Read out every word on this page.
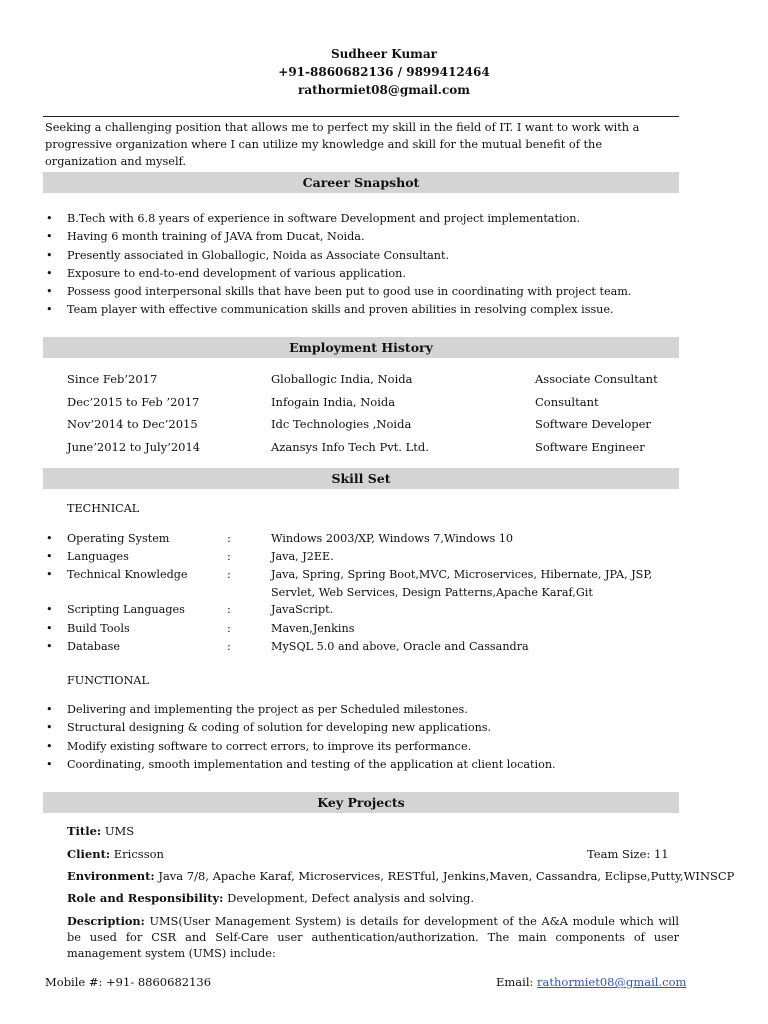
Sudheer Kumar
+91-8860682136 / 9899412464
rathormiet08@gmail.com
Seeking a challenging position that allows me to perfect my skill in the field of IT. I want to work with a progressive organization where I can utilize my knowledge and skill for the mutual benefit of the organization and myself.
Career Snapshot
• B.Tech with 6.8 years of experience in software Development and project implementation.
• Having 6 month training of JAVA from Ducat, Noida.
• Presently associated in Globallogic, Noida as Associate Consultant.
• Exposure to end-to-end development of various application.
• Possess good interpersonal skills that have been put to good use in coordinating with project team.
• Team player with effective communication skills and proven abilities in resolving complex issue.
Employment History
Since Feb’2017	Globallogic India, Noida	Associate Consultant
Dec’2015 to Feb ’2017	Infogain India, Noida	Consultant
Nov’2014 to Dec’2015	Idc Technologies ,Noida	Software Developer
June’2012 to July’2014	Azansys Info Tech Pvt. Ltd.	Software Engineer
Skill Set
TECHNICAL
• Operating System	:	Windows 2003/XP, Windows 7,Windows 10
• Languages	:	Java, J2EE.
• Technical Knowledge	:	Java, Spring, Spring Boot,MVC, Microservices, Hibernate, JPA, JSP, Servlet, Web Services, Design Patterns,Apache Karaf,Git
• Scripting Languages	:	JavaScript.
• Build Tools	:	Maven,Jenkins
• Database	:	MySQL 5.0 and above, Oracle and Cassandra
FUNCTIONAL
• Delivering and implementing the project as per Scheduled milestones.
• Structural designing & coding of solution for developing new applications.
• Modify existing software to correct errors, to improve its performance.
• Coordinating, smooth implementation and testing of the application at client location.
Key Projects
Title: UMS
Client: Ericsson	Team Size: 11
Environment: Java 7/8, Apache Karaf, Microservices, RESTful, Jenkins,Maven, Cassandra, Eclipse,Putty,WINSCP
Role and Responsibility: Development, Defect analysis and solving.
Description: UMS(User Management System) is details for development of the A&A module which will be used for CSR and Self-Care user authentication/authorization. The main components of user management system (UMS) include:
Mobile #: +91- 8860682136	Email: rathormiet08@gmail.com
